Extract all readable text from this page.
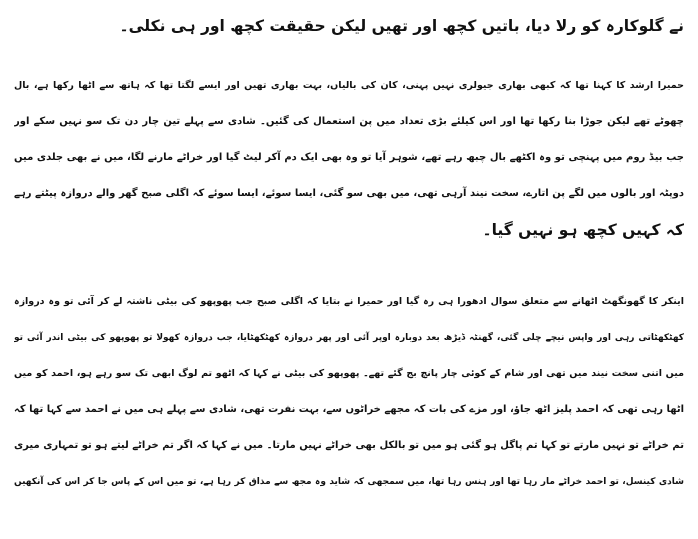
نے گلوکارہ کو رلا دیا، باتیں کچھ اور تھیں لیکن حقیقت کچھ اور ہی نکلی۔
حمیرا ارشد کا کہنا تھا کہ کبھی بھاری جیولری نہیں پہنی، کان کی بالیاں، بہت بھاری تھیں اور ایسے لگتا تھا کہ ہاتھ سے اٹھا رکھا ہے، بال
چھوٹے تھے لیکن جوڑا بنا رکھا تھا اور اس کیلئے بڑی تعداد میں پن استعمال کی گئیں۔ شادی سے پہلے تین چار دن تک سو نہیں سکے اور
جب بیڈ روم میں پہنچی تو وہ اکٹھے بال چبھ رہے تھے، شوہر آیا تو وہ بھی ایک دم آکر لیٹ گیا اور خراٹے مارنے لگا، میں نے بھی جلدی میں
دوپٹہ اور بالوں میں لگے پن اتارے، سخت نیند آرہی تھی، میں بھی سو گئی، ایسا سوئے، ایسا سوئے کہ اگلی صبح گھر والے دروازہ پیٹتے رہے
کہ کہیں کچھ ہو نہیں گیا۔
اینکر کا گھونگھٹ اٹھانے سے متعلق سوال ادھورا ہی رہ گیا اور حمیرا نے بتایا کہ اگلی صبح جب پھوپھو کی بیٹی ناشتہ لے کر آئی تو وہ دروازہ
کھٹکھٹاتی رہی اور واپس نیچے چلی گئی، گھنٹہ ڈیڑھ بعد دوبارہ اوپر آئی اور پھر دروازہ کھٹکھٹایا، جب دروازہ کھولا تو پھوپھو کی بیٹی اندر آئی تو
میں اتنی سخت نیند میں تھی اور شام کے کوئی چار پانچ بج گئے تھے۔ پھوپھو کی بیٹی نے کہا کہ اٹھو تم لوگ ابھی تک سو رہے ہو، احمد کو میں
اٹھا رہی تھی کہ احمد پلیز اٹھ جاؤ، اور مزے کی بات کہ مجھے خراٹوں سے، بہت نفرت تھی، شادی سے پہلے ہی میں نے احمد سے کہا تھا کہ
تم خراٹے تو نہیں مارتے تو کہا تم پاگل ہو گئی ہو میں تو بالکل بھی خراٹے نہیں مارتا۔ میں نے کہا کہ اگر تم خراٹے لیتے ہو تو تمہاری میری
شادی کینسل، تو احمد خراٹے مار رہا تھا اور ہنس رہا تھا، میں سمجھی کہ شاید وہ مجھ سے مذاق کر رہا ہے، تو میں اس کے پاس جا کر اس کی آنکھیں
